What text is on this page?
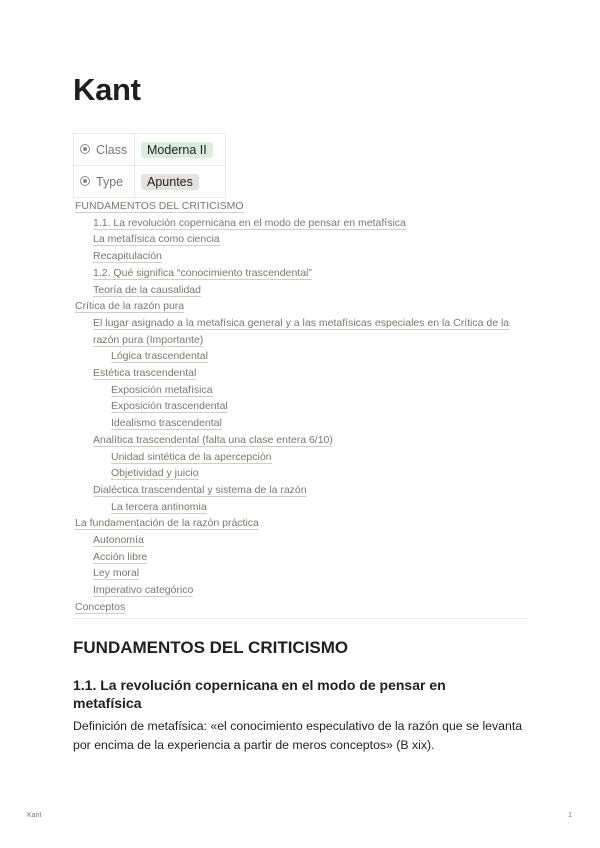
Kant
Class	Moderna II
Type	Apuntes
FUNDAMENTOS DEL CRITICISMO
1.1. La revolución copernicana en el modo de pensar en metafísica
La metafísica como ciencia
Recapitulación
1.2. Qué significa “conocimiento trascendental”
Teoría de la causalidad
Crítica de la razón pura
El lugar asignado a la metafísica general y a las metafísicas especiales en la Crítica de la razón pura (Importante)
Lógica trascendental
Estética trascendental
Exposición metafísica
Exposición trascendental
Idealismo trascendental
Analítica trascendental (falta una clase entera 6/10)
Unidad sintética de la apercepción
Objetividad y juicio
Dialéctica trascendental y sistema de la razón
La tercera antinomia
La fundamentación de la razón práctica
Autonomía
Acción libre
Ley moral
Imperativo categórico
Conceptos
FUNDAMENTOS DEL CRITICISMO
1.1. La revolución copernicana en el modo de pensar en metafísica

Definición de metafísica: «el conocimiento especulativo de la razón que se levanta por encima de la experiencia a partir de meros conceptos» (B xix).

Kant	1
